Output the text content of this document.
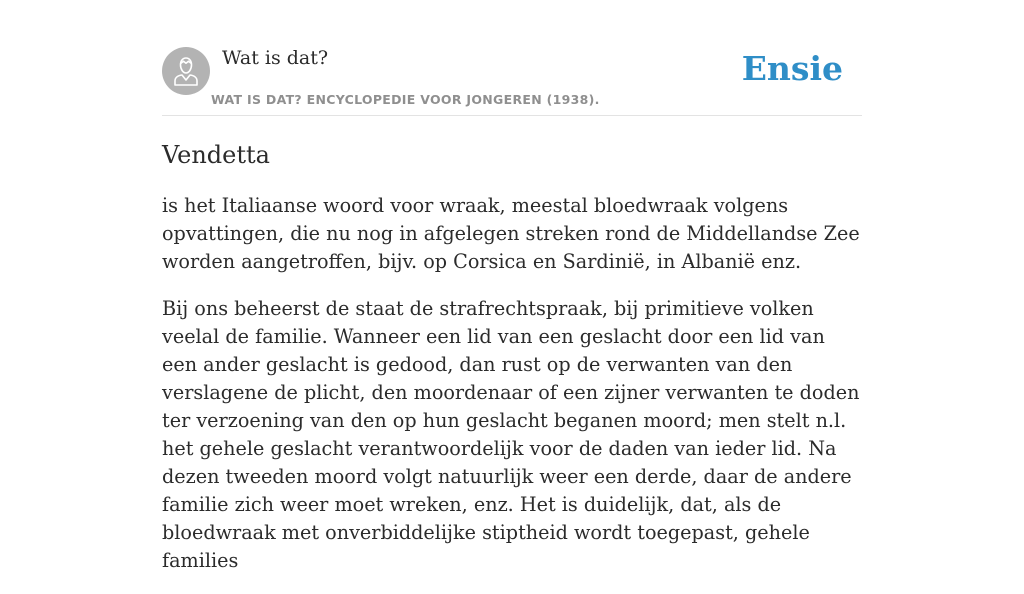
Wat is dat?
WAT IS DAT? ENCYCLOPEDIE VOOR JONGEREN (1938).
Ensie
Vendetta

is het Italiaanse woord voor wraak, meestal bloedwraak volgens opvattingen, die nu nog in afgelegen streken rond de Middellandse Zee worden aangetroffen, bijv. op Corsica en Sardinië, in Albanië enz.

Bij ons beheerst de staat de strafrechtspraak, bij primitieve volken veelal de familie. Wanneer een lid van een geslacht door een lid van een ander geslacht is gedood, dan rust op de verwanten van den verslagene de plicht, den moordenaar of een zijner verwanten te doden ter verzoening van den op hun geslacht beganen moord; men stelt n.l. het gehele geslacht verantwoordelijk voor de daden van ieder lid. Na dezen tweeden moord volgt natuurlijk weer een derde, daar de andere familie zich weer moet wreken, enz. Het is duidelijk, dat, als de bloedwraak met onverbiddelijke stiptheid wordt toegepast, gehele families
